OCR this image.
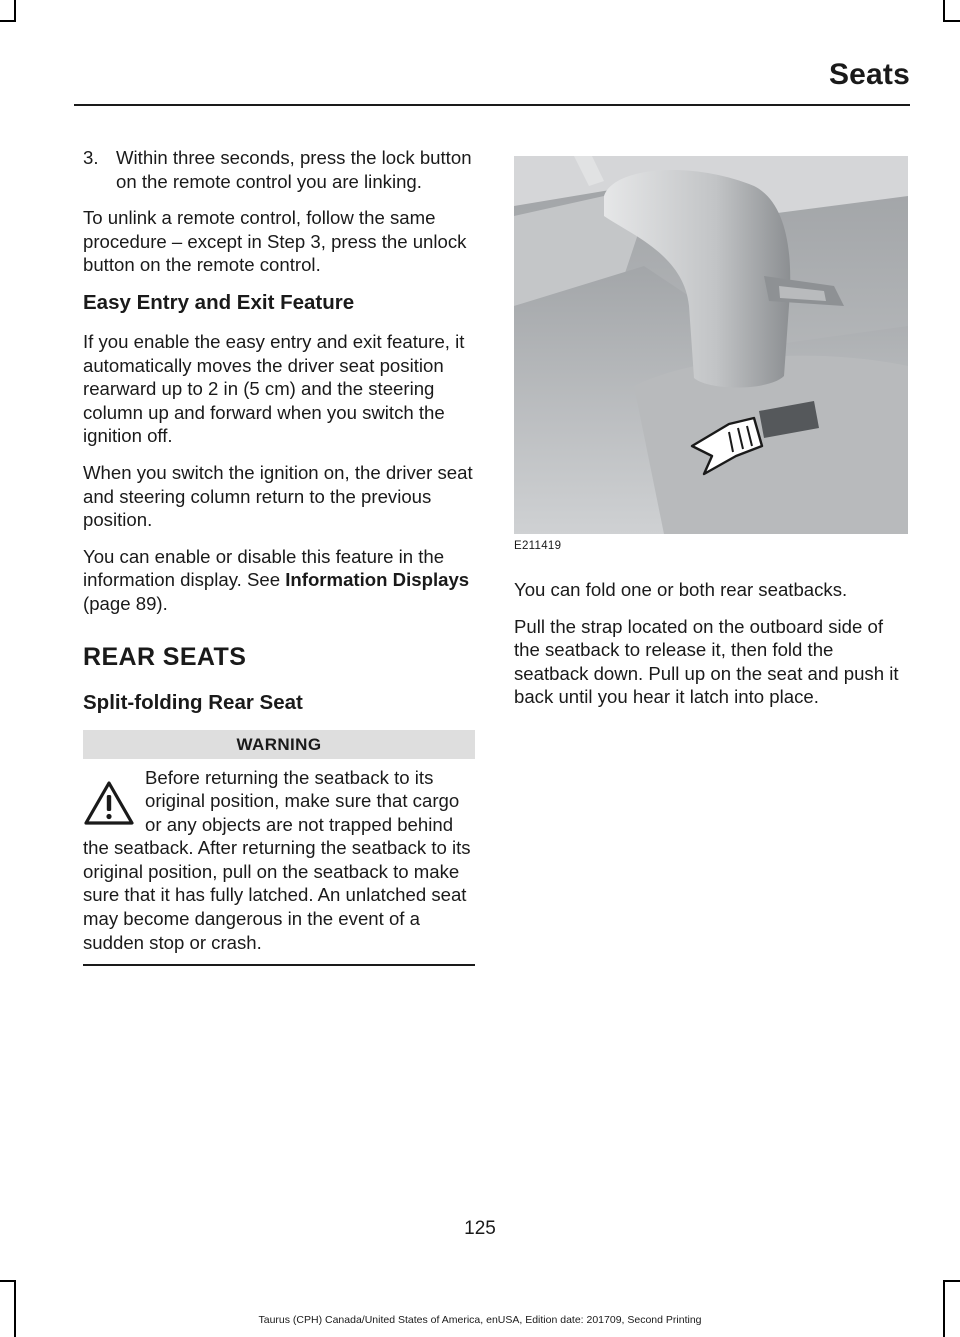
Seats
3. Within three seconds, press the lock button on the remote control you are linking.

To unlink a remote control, follow the same procedure – except in Step 3, press the unlock button on the remote control.

Easy Entry and Exit Feature

If you enable the easy entry and exit feature, it automatically moves the driver seat position rearward up to 2 in (5 cm) and the steering column up and forward when you switch the ignition off.

When you switch the ignition on, the driver seat and steering column return to the previous position.

You can enable or disable this feature in the information display. See Information Displays (page 89).

REAR SEATS
Split-folding Rear Seat
WARNING
Before returning the seatback to its original position, make sure that cargo or any objects are not trapped behind the seatback. After returning the seatback to its original position, pull on the seatback to make sure that it has fully latched. An unlatched seat may become dangerous in the event of a sudden stop or crash.
E211419

You can fold one or both rear seatbacks.

Pull the strap located on the outboard side of the seatback to release it, then fold the seatback down. Pull up on the seat and push it back until you hear it latch into place.

125
Taurus (CPH) Canada/United States of America, enUSA, Edition date: 201709, Second Printing
